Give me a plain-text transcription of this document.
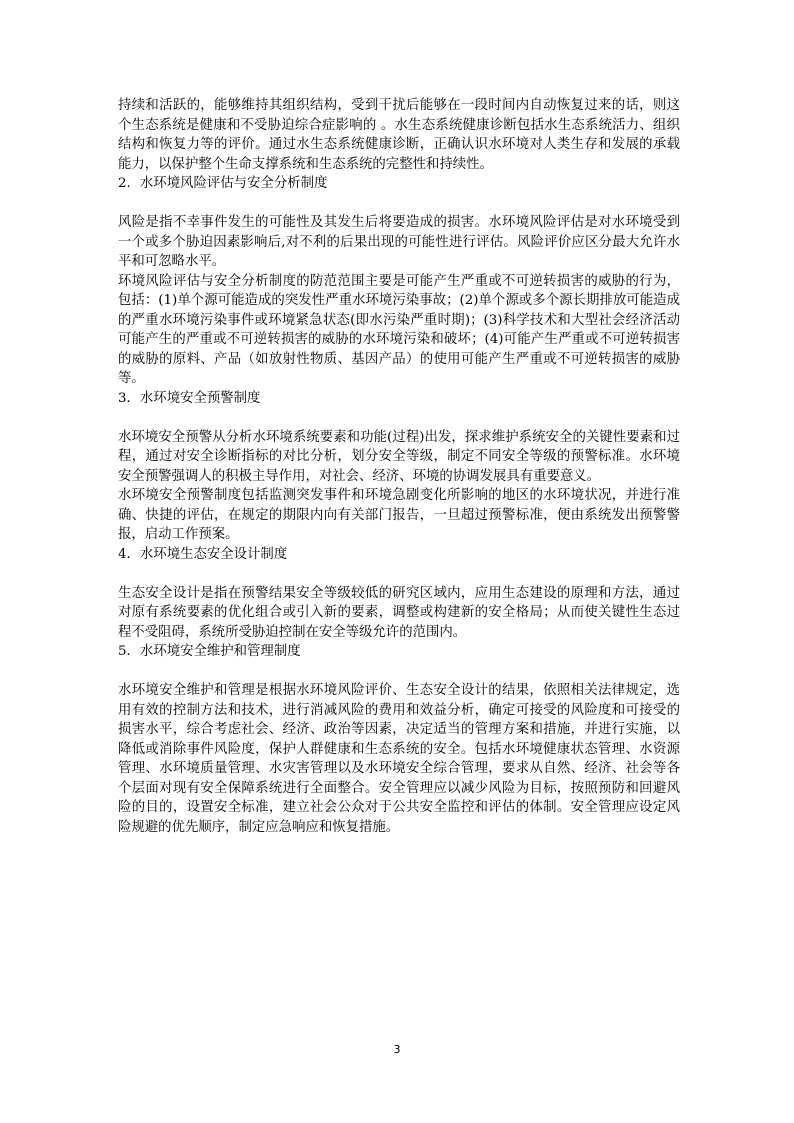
持续和活跃的，能够维持其组织结构，受到干扰后能够在一段时间内自动恢复过来的话，则这个生态系统是健康和不受胁迫综合症影响的 。水生态系统健康诊断包括水生态系统活力、组织结构和恢复力等的评价。通过水生态系统健康诊断，正确认识水环境对人类生存和发展的承载能力，以保护整个生命支撑系统和生态系统的完整性和持续性。

2．水环境风险评估与安全分析制度

风险是指不幸事件发生的可能性及其发生后将要造成的损害。水环境风险评估是对水环境受到一个或多个胁迫因素影响后,对不利的后果出现的可能性进行评估。风险评价应区分最大允许水平和可忽略水平。

环境风险评估与安全分析制度的防范范围主要是可能产生严重或不可逆转损害的威胁的行为，包括：(1)单个源可能造成的突发性严重水环境污染事故；(2)单个源或多个源长期排放可能造成的严重水环境污染事件或环境紧急状态(即水污染严重时期)；(3)科学技术和大型社会经济活动可能产生的严重或不可逆转损害的威胁的水环境污染和破坏；(4)可能产生严重或不可逆转损害的威胁的原料、产品（如放射性物质、基因产品）的使用可能产生严重或不可逆转损害的威胁等。

3．水环境安全预警制度

水环境安全预警从分析水环境系统要素和功能(过程)出发，探求维护系统安全的关键性要素和过程，通过对安全诊断指标的对比分析，划分安全等级，制定不同安全等级的预警标准。水环境安全预警强调人的积极主导作用，对社会、经济、环境的协调发展具有重要意义。

水环境安全预警制度包括监测突发事件和环境急剧变化所影响的地区的水环境状况，并进行准确、快捷的评估，在规定的期限内向有关部门报告，一旦超过预警标准，便由系统发出预警警报，启动工作预案。

4．水环境生态安全设计制度

生态安全设计是指在预警结果安全等级较低的研究区域内，应用生态建设的原理和方法，通过对原有系统要素的优化组合或引入新的要素，调整或构建新的安全格局；从而使关键性生态过程不受阻碍，系统所受胁迫控制在安全等级允许的范围内。

5．水环境安全维护和管理制度

水环境安全维护和管理是根据水环境风险评价、生态安全设计的结果，依照相关法律规定，选用有效的控制方法和技术，进行消减风险的费用和效益分析，确定可接受的风险度和可接受的损害水平，综合考虑社会、经济、政治等因素，决定适当的管理方案和措施，并进行实施，以降低或消除事件风险度，保护人群健康和生态系统的安全。包括水环境健康状态管理、水资源管理、水环境质量管理、水灾害管理以及水环境安全综合管理，要求从自然、经济、社会等各个层面对现有安全保障系统进行全面整合。安全管理应以减少风险为目标，按照预防和回避风险的目的，设置安全标准，建立社会公众对于公共安全监控和评估的体制。安全管理应设定风险规避的优先顺序，制定应急响应和恢复措施。

3
